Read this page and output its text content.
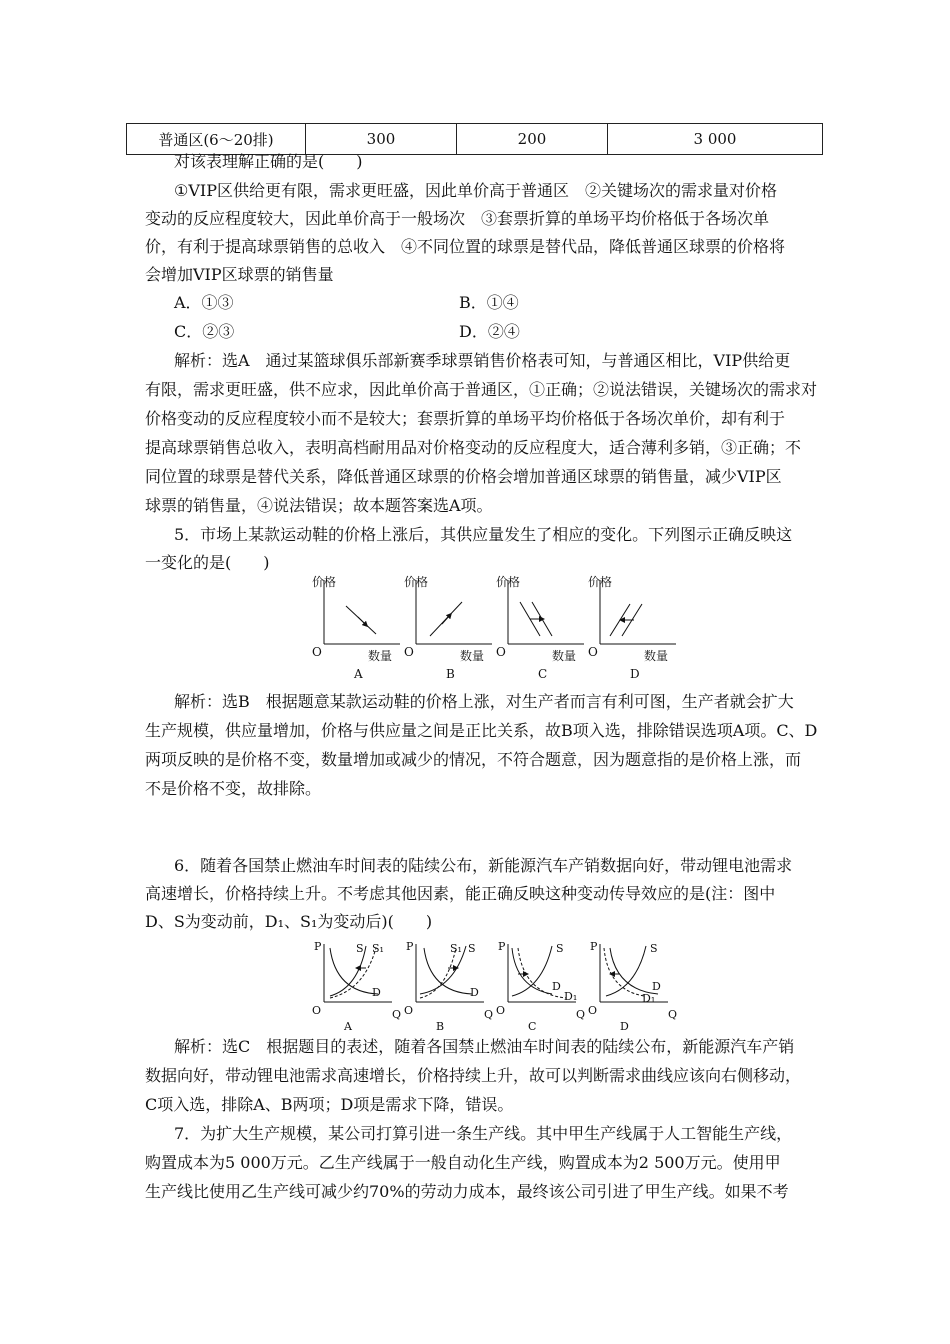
普通区(6～20排)	300	200	3 000
对该表理解正确的是(　　)
①VIP区供给更有限，需求更旺盛，因此单价高于普通区　②关键场次的需求量对价格
变动的反应程度较大，因此单价高于一般场次　③套票折算的单场平均价格低于各场次单
价，有利于提高球票销售的总收入　④不同位置的球票是替代品，降低普通区球票的价格将
会增加VIP区球票的销售量
A．①③	B．①④
C．②③	D．②④
解析：选A　通过某篮球俱乐部新赛季球票销售价格表可知，与普通区相比，VIP供给更
有限，需求更旺盛，供不应求，因此单价高于普通区，①正确；②说法错误，关键场次的需求对
价格变动的反应程度较小而不是较大；套票折算的单场平均价格低于各场次单价，却有利于
提高球票销售总收入，表明高档耐用品对价格变动的反应程度大，适合薄利多销，③正确；不
同位置的球票是替代关系，降低普通区球票的价格会增加普通区球票的销售量，减少VIP区
球票的销售量，④说法错误；故本题答案选A项。
5．市场上某款运动鞋的价格上涨后，其供应量发生了相应的变化。下列图示正确反映这
一变化的是(　　)
价格
O	数量
A
价格
O	数量
B
价格
O	数量
C
价格
O	数量
D
解析：选B　根据题意某款运动鞋的价格上涨，对生产者而言有利可图，生产者就会扩大
生产规模，供应量增加，价格与供应量之间是正比关系，故B项入选，排除错误选项A项。C、D
两项反映的是价格不变，数量增加或减少的情况，不符合题意，因为题意指的是价格上涨，而
不是价格不变，故排除。
6．随着各国禁止燃油车时间表的陆续公布，新能源汽车产销数据向好，带动锂电池需求
高速增长，价格持续上升。不考虑其他因素，能正确反映这种变动传导效应的是(注：图中
D、S为变动前，D₁、S₁为变动后)(　　)
P
O	Q
S S₁
D
A
P
O	Q
S₁ S
D
B
P
O	Q
S
D
D₁
C
P
O	Q
S
D
D₁
D
解析：选C　根据题目的表述，随着各国禁止燃油车时间表的陆续公布，新能源汽车产销
数据向好，带动锂电池需求高速增长，价格持续上升，故可以判断需求曲线应该向右侧移动，
C项入选，排除A、B两项；D项是需求下降，错误。
7．为扩大生产规模，某公司打算引进一条生产线。其中甲生产线属于人工智能生产线，
购置成本为5 000万元。乙生产线属于一般自动化生产线，购置成本为2 500万元。使用甲
生产线比使用乙生产线可减少约70%的劳动力成本，最终该公司引进了甲生产线。如果不考
